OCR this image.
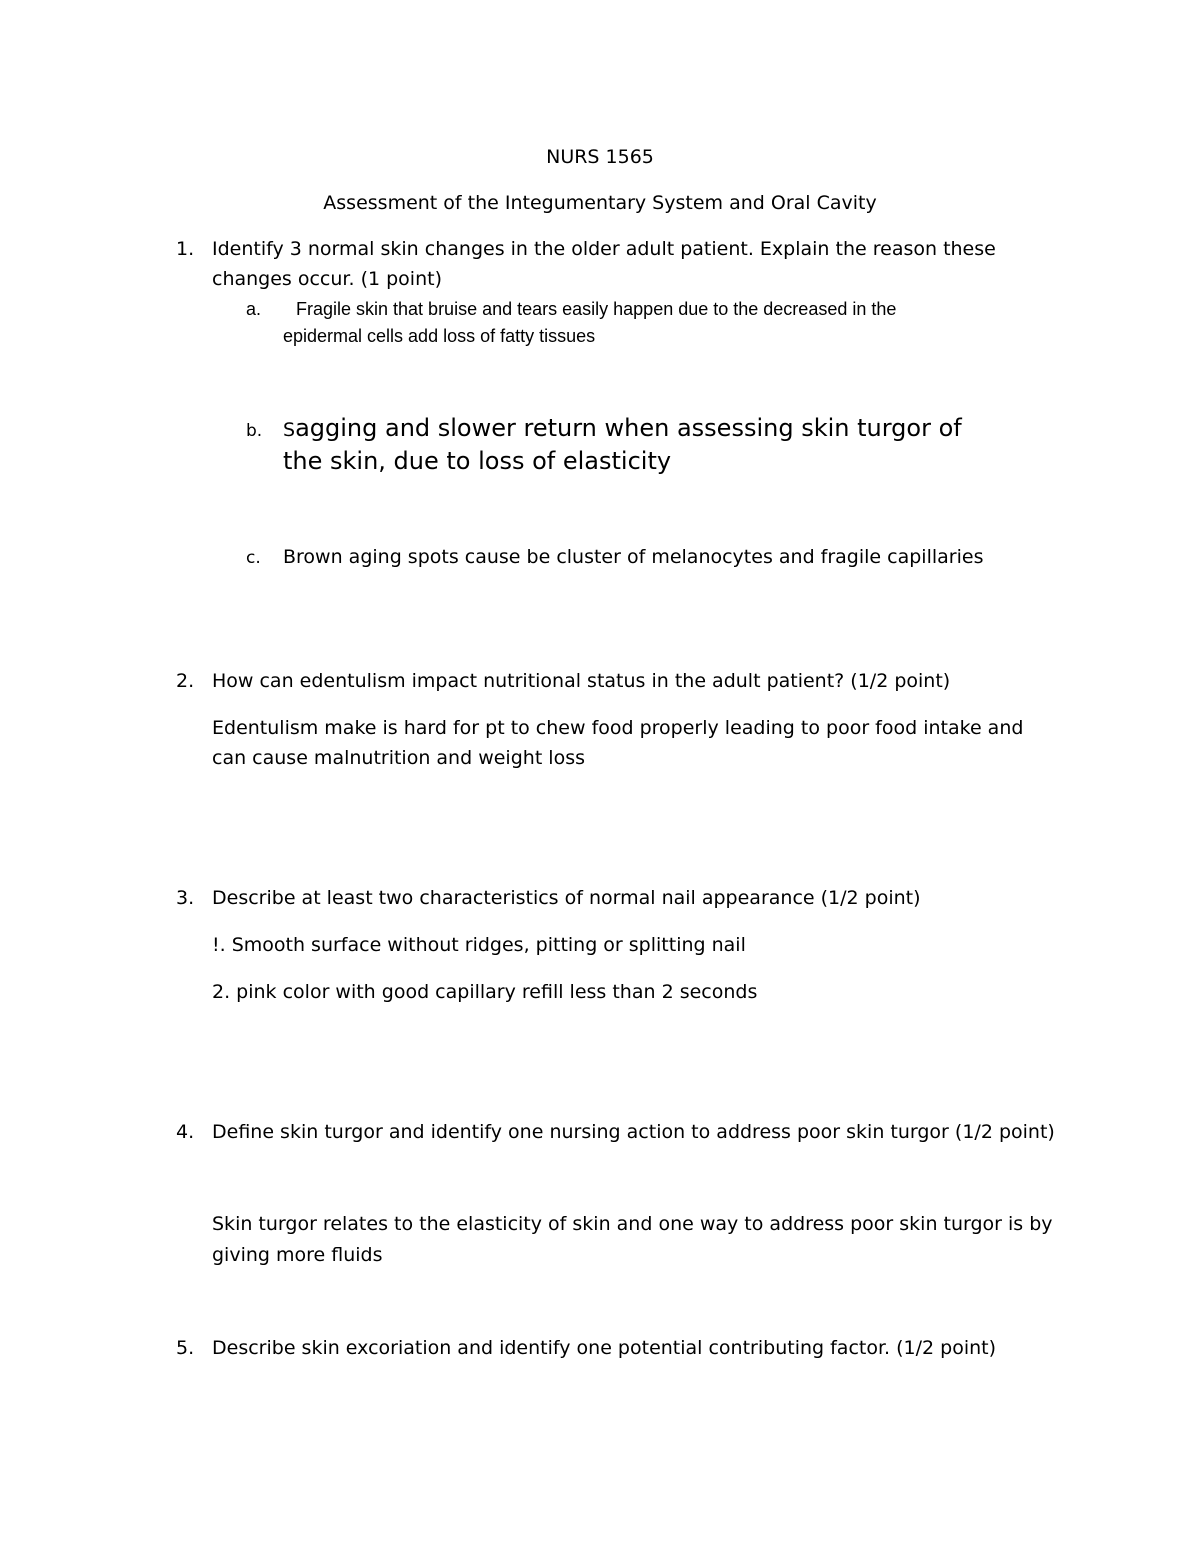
NURS 1565
Assessment of the Integumentary System and Oral Cavity
1. Identify 3 normal skin changes in the older adult patient. Explain the reason these
changes occur. (1 point)
a. Fragile skin that bruise and tears easily happen due to the decreased in the
epidermal cells add loss of fatty tissues
b. Sagging and slower return when assessing skin turgor of
the skin, due to loss of elasticity
c. Brown aging spots cause be cluster of melanocytes and fragile capillaries
2. How can edentulism impact nutritional status in the adult patient? (1/2 point)
Edentulism make is hard for pt to chew food properly leading to poor food intake and
can cause malnutrition and weight loss
3. Describe at least two characteristics of normal nail appearance (1/2 point)
!. Smooth surface without ridges, pitting or splitting nail
2. pink color with good capillary refill less than 2 seconds
4. Define skin turgor and identify one nursing action to address poor skin turgor (1/2 point)
Skin turgor relates to the elasticity of skin and one way to address poor skin turgor is by
giving more fluids
5. Describe skin excoriation and identify one potential contributing factor. (1/2 point)
